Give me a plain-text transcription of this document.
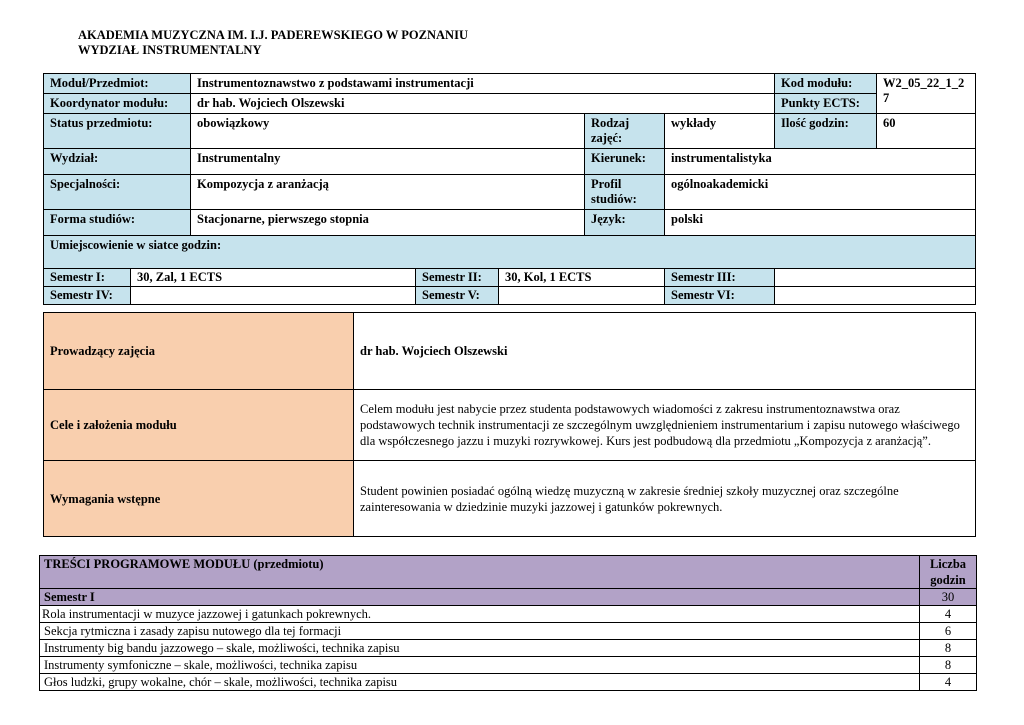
AKADEMIA MUZYCZNA IM. I.J. PADEREWSKIEGO W POZNANIU
WYDZIAŁ INSTRUMENTALNY
Moduł/Przedmiot:		Instrumentoznawstwo z podstawami instrumentacji					Kod modułu:	W2_05_22_1_27
Koordynator modułu:		dr hab. Wojciech Olszewski					Punkty ECTS:	
Status przedmiotu:		obowiązkowy			Rodzaj zajęć:	wykłady	Ilość godzin:	60
Wydział:		Instrumentalny			Kierunek:	instrumentalistyka		
Specjalności:		Kompozycja z aranżacją			Profil studiów:	ogólnoakademicki		
Forma studiów:		Stacjonarne, pierwszego stopnia			Język:	polski		
Umiejscowienie w siatce godzin:								
Semestr I:	30, Zal, 1 ECTS		Semestr II:	30, Kol, 1 ECTS		Semestr III:		
Semestr IV:			Semestr V:			Semestr VI:		
Prowadzący zajęcia	dr hab. Wojciech Olszewski
Cele i założenia modułu	Celem modułu jest nabycie przez studenta podstawowych wiadomości z zakresu instrumentoznawstwa oraz podstawowych technik instrumentacji ze szczególnym uwzględnieniem instrumentarium i zapisu nutowego właściwego dla współczesnego jazzu i muzyki rozrywkowej. Kurs jest podbudową dla przedmiotu „Kompozycja z aranżacją”.
Wymagania wstępne	Student powinien posiadać ogólną wiedzę muzyczną w zakresie średniej szkoły muzycznej oraz szczególne zainteresowania w dziedzinie muzyki jazzowej i gatunków pokrewnych.
TREŚCI PROGRAMOWE MODUŁU (przedmiotu)	Liczba godzin
Semestr I	30
Rola instrumentacji w muzyce jazzowej i gatunkach pokrewnych.	4
Sekcja rytmiczna i zasady zapisu nutowego dla tej formacji	6
Instrumenty big bandu jazzowego – skale, możliwości, technika zapisu	8
Instrumenty symfoniczne – skale, możliwości, technika zapisu	8
Głos ludzki, grupy wokalne, chór – skale, możliwości, technika zapisu	4
